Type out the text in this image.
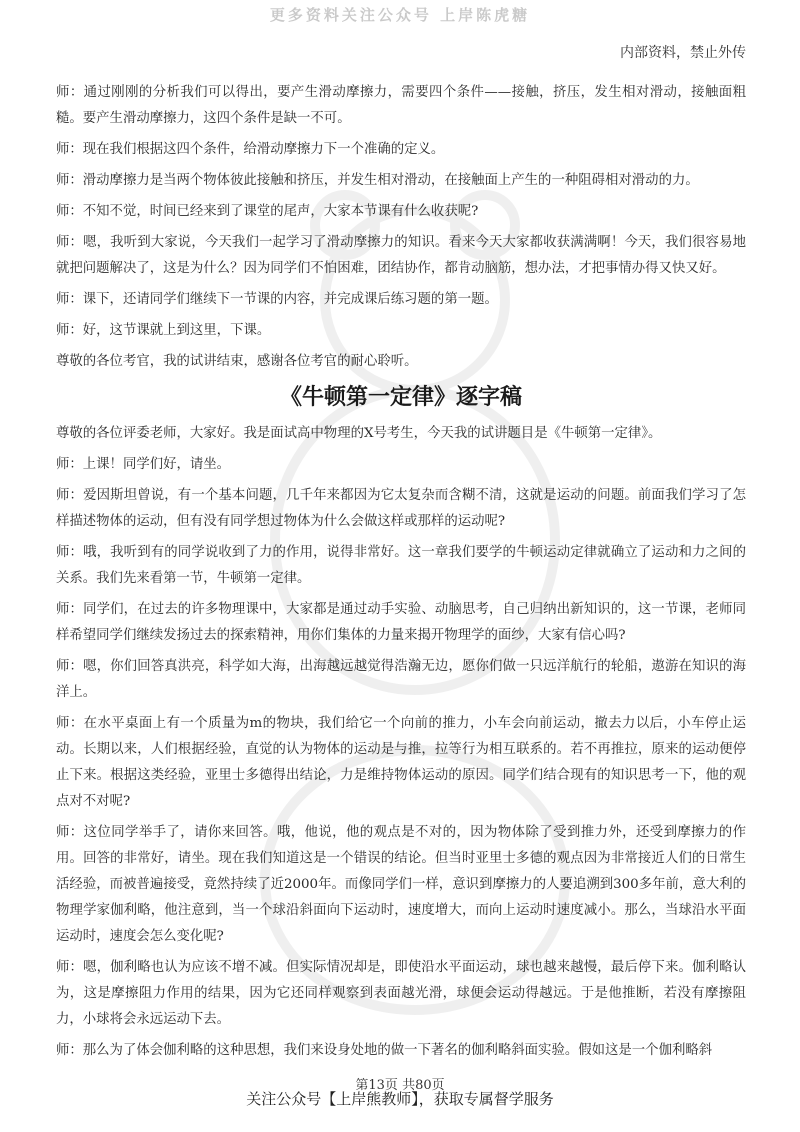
更多资料关注公众号 上岸陈虎糖
内部资料，禁止外传

师：通过刚刚的分析我们可以得出，要产生滑动摩擦力，需要四个条件——接触，挤压，发生相对滑动，接触面粗糙。要产生滑动摩擦力，这四个条件是缺一不可。

师：现在我们根据这四个条件，给滑动摩擦力下一个准确的定义。

师：滑动摩擦力是当两个物体彼此接触和挤压，并发生相对滑动，在接触面上产生的一种阻碍相对滑动的力。

师：不知不觉，时间已经来到了课堂的尾声，大家本节课有什么收获呢?

师：嗯，我听到大家说，今天我们一起学习了滑动摩擦力的知识。看来今天大家都收获满满啊！今天，我们很容易地就把问题解决了，这是为什么？因为同学们不怕困难，团结协作，都肯动脑筋，想办法，才把事情办得又快又好。

师：课下，还请同学们继续下一节课的内容，并完成课后练习题的第一题。

师：好，这节课就上到这里，下课。

尊敬的各位考官，我的试讲结束，感谢各位考官的耐心聆听。

《牛顿第一定律》逐字稿

尊敬的各位评委老师，大家好。我是面试高中物理的X号考生，今天我的试讲题目是《牛顿第一定律》。

师：上课！同学们好，请坐。

师：爱因斯坦曾说，有一个基本问题，几千年来都因为它太复杂而含糊不清，这就是运动的问题。前面我们学习了怎样描述物体的运动，但有没有同学想过物体为什么会做这样或那样的运动呢?

师：哦，我听到有的同学说收到了力的作用，说得非常好。这一章我们要学的牛顿运动定律就确立了运动和力之间的关系。我们先来看第一节，牛顿第一定律。

师：同学们，在过去的许多物理课中，大家都是通过动手实验、动脑思考，自己归纳出新知识的，这一节课，老师同样希望同学们继续发扬过去的探索精神，用你们集体的力量来揭开物理学的面纱，大家有信心吗?

师：嗯，你们回答真洪亮，科学如大海，出海越远越觉得浩瀚无边，愿你们做一只远洋航行的轮船，遨游在知识的海洋上。

师：在水平桌面上有一个质量为m的物块，我们给它一个向前的推力，小车会向前运动，撤去力以后，小车停止运动。长期以来，人们根据经验，直觉的认为物体的运动是与推，拉等行为相互联系的。若不再推拉，原来的运动便停止下来。根据这类经验，亚里士多德得出结论，力是维持物体运动的原因。同学们结合现有的知识思考一下，他的观点对不对呢?

师：这位同学举手了，请你来回答。哦，他说，他的观点是不对的，因为物体除了受到推力外，还受到摩擦力的作用。回答的非常好，请坐。现在我们知道这是一个错误的结论。但当时亚里士多德的观点因为非常接近人们的日常生活经验，而被普遍接受，竟然持续了近2000年。而像同学们一样，意识到摩擦力的人要追溯到300多年前，意大利的物理学家伽利略，他注意到，当一个球沿斜面向下运动时，速度增大，而向上运动时速度减小。那么，当球沿水平面运动时，速度会怎么变化呢?

师：嗯，伽利略也认为应该不增不减。但实际情况却是，即使沿水平面运动，球也越来越慢，最后停下来。伽利略认为，这是摩擦阻力作用的结果，因为它还同样观察到表面越光滑，球便会运动得越远。于是他推断，若没有摩擦阻力，小球将会永远运动下去。

师：那么为了体会伽利略的这种思想，我们来设身处地的做一下著名的伽利略斜面实验。假如这是一个伽利略斜

第13页 共80页
关注公众号【上岸熊教师】，获取专属督学服务
